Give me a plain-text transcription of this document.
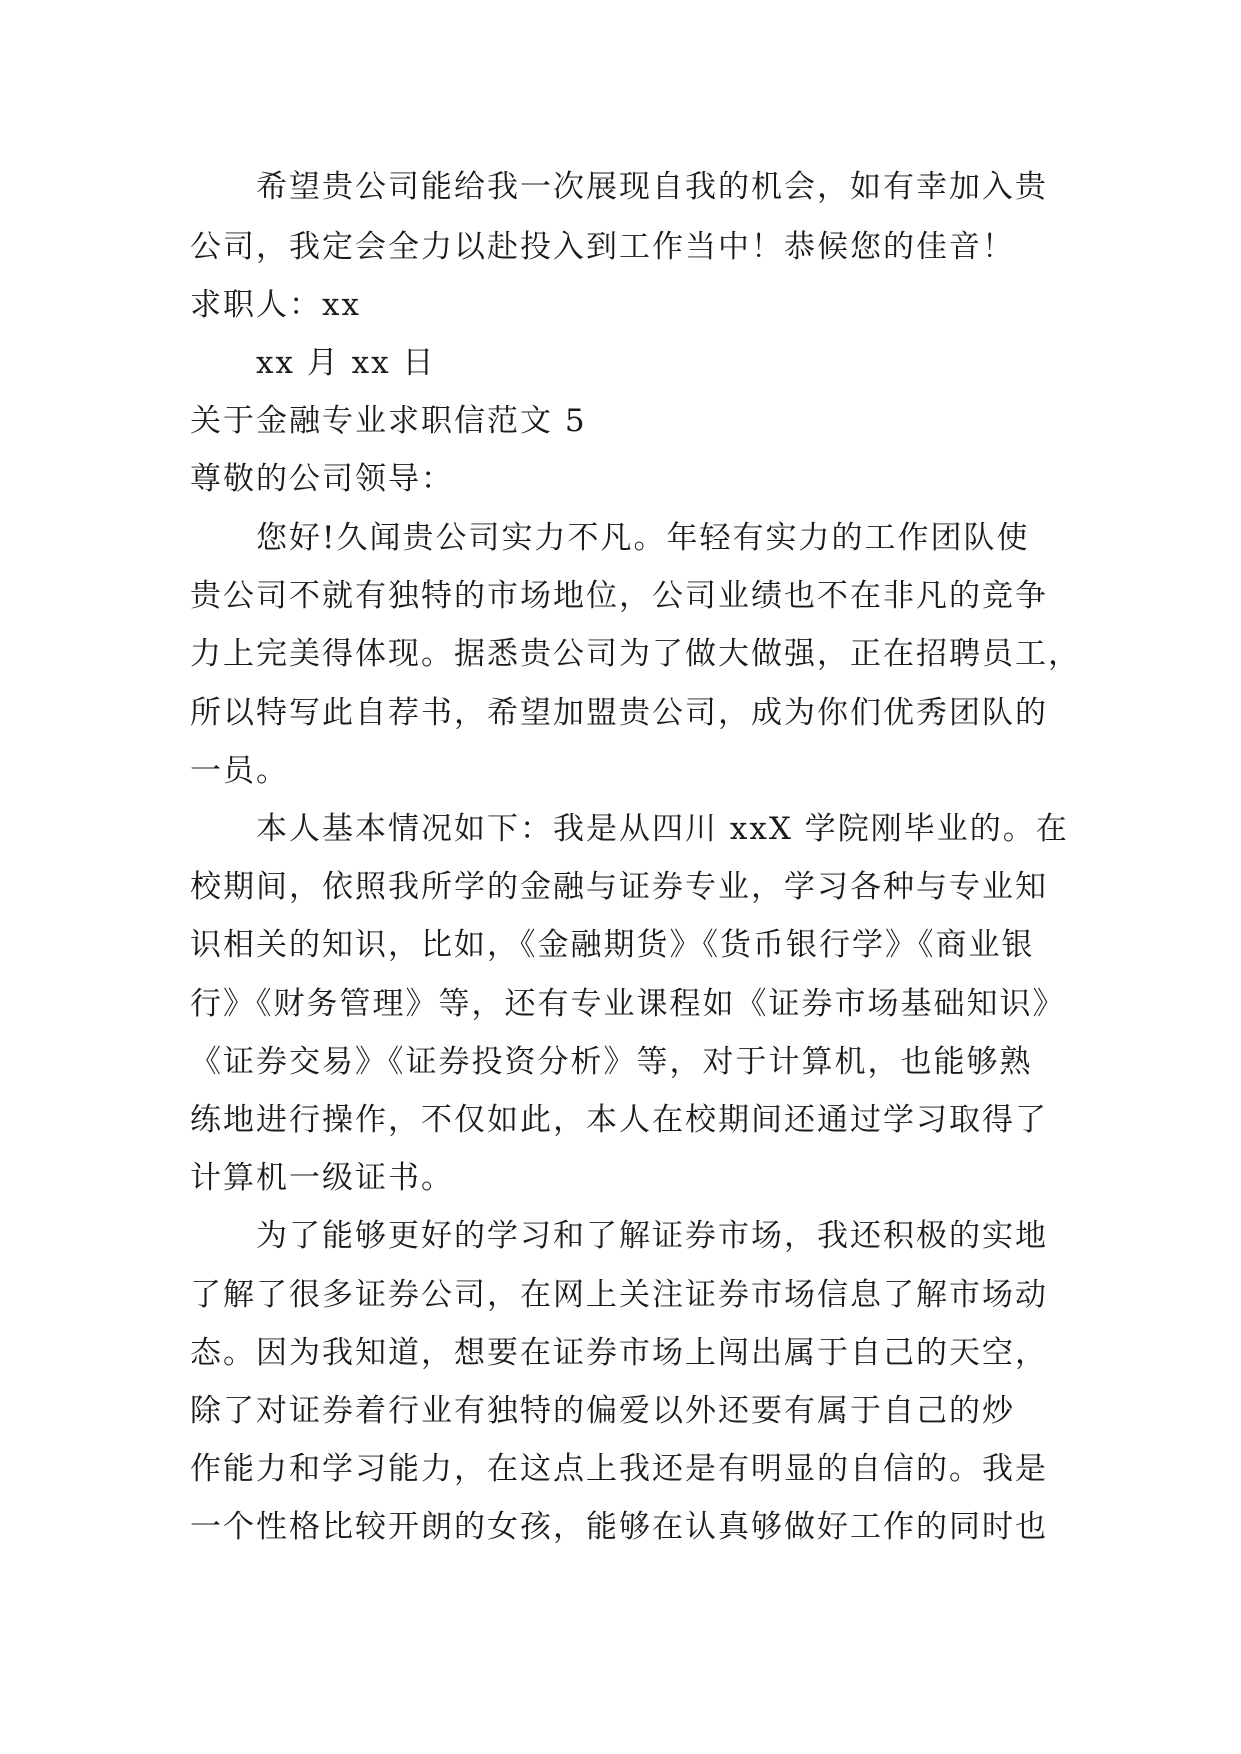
希望贵公司能给我一次展现自我的机会，如有幸加入贵
公司，我定会全力以赴投入到工作当中！恭候您的佳音！
求职人：xx
xx 月 xx 日
关于金融专业求职信范文 5
尊敬的公司领导：
您好!久闻贵公司实力不凡。年轻有实力的工作团队使
贵公司不就有独特的市场地位，公司业绩也不在非凡的竞争
力上完美得体现。据悉贵公司为了做大做强，正在招聘员工，
所以特写此自荐书，希望加盟贵公司，成为你们优秀团队的
一员。
本人基本情况如下：我是从四川 xxX 学院刚毕业的。在
校期间，依照我所学的金融与证券专业，学习各种与专业知
识相关的知识，比如，《金融期货》《货币银行学》《商业银
行》《财务管理》等，还有专业课程如《证券市场基础知识》
《证券交易》《证券投资分析》等，对于计算机，也能够熟
练地进行操作，不仅如此，本人在校期间还通过学习取得了
计算机一级证书。
为了能够更好的学习和了解证券市场，我还积极的实地
了解了很多证券公司，在网上关注证券市场信息了解市场动
态。因为我知道，想要在证券市场上闯出属于自己的天空，
除了对证券着行业有独特的偏爱以外还要有属于自己的炒
作能力和学习能力，在这点上我还是有明显的自信的。我是
一个性格比较开朗的女孩，能够在认真够做好工作的同时也
